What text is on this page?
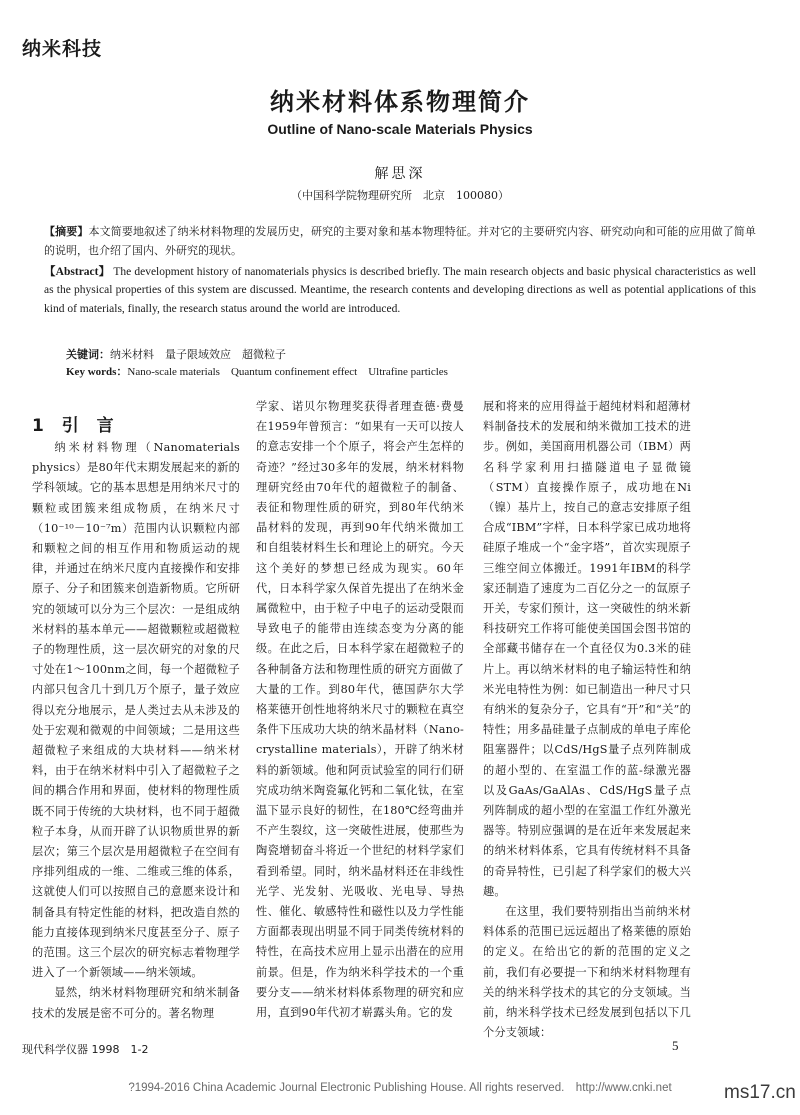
纳米科技
纳米材料体系物理简介
Outline of Nano-scale Materials Physics
解思深
（中国科学院物理研究所　北京　100080）
【摘要】本文简要地叙述了纳米材料物理的发展历史，研究的主要对象和基本物理特征。并对它的主要研究内容、研究动向和可能的应用做了简单的说明，也介绍了国内、外研究的现状。
【Abstract】 The development history of nanomaterials physics is described briefly. The main research objects and basic physical characteristics as well as the physical properties of this system are discussed. Meantime, the research contents and developing directions as well as potential applications of this kind of materials, finally, the research status around the world are introduced.
关键词：纳米材料　量子限域效应　超微粒子
Key words：Nano-scale materials　Quantum confinement effect　Ultrafine particles
1 引 言

纳米材料物理（Nanomaterials physics）是80年代末期发展起来的新的学科领域。它的基本思想是用纳米尺寸的颗粒或团簇来组成物质，在纳米尺寸（10⁻¹⁰－10⁻⁷m）范围内认识颗粒内部和颗粒之间的相互作用和物质运动的规律，并通过在纳米尺度内直接操作和安排原子、分子和团簇来创造新物质。它所研究的领域可以分为三个层次：一是组成纳米材料的基本单元——超微颗粒或超微粒子的物理性质，这一层次研究的对象的尺寸处在1～100nm之间，每一个超微粒子内部只包含几十到几万个原子，量子效应得以充分地展示，是人类过去从未涉及的处于宏观和微观的中间领域；二是用这些超微粒子来组成的大块材料——纳米材料，由于在纳米材料中引入了超微粒子之间的耦合作用和界面，使材料的物理性质既不同于传统的大块材料，也不同于超微粒子本身，从而开辟了认识物质世界的新层次；第三个层次是用超微粒子在空间有序排列组成的一维、二维或三维的体系，这就使人们可以按照自己的意愿来设计和制备具有特定性能的材料，把改造自然的能力直接体现到纳米尺度甚至分子、原子的范围。这三个层次的研究标志着物理学进入了一个新领域——纳米领域。

显然，纳米材料物理研究和纳米制备技术的发展是密不可分的。著名物理

学家、诺贝尔物理奖获得者理查德·费曼在1959年曾预言：“如果有一天可以按人的意志安排一个个原子，将会产生怎样的奇迹？”经过30多年的发展，纳米材料物理研究经由70年代的超微粒子的制备、表征和物理性质的研究，到80年代纳米晶材料的发现，再到90年代纳米微加工和自组装材料生长和理论上的研究。今天这个美好的梦想已经成为现实。60年代，日本科学家久保首先提出了在纳米金属微粒中，由于粒子中电子的运动受限而导致电子的能带由连续态变为分离的能级。在此之后，日本科学家在超微粒子的各种制备方法和物理性质的研究方面做了大量的工作。到80年代，德国萨尔大学格莱德开创性地将纳米尺寸的颗粒在真空条件下压成功大块的纳米晶材料（Nano-crystalline materials），开辟了纳米材料的新领域。他和阿贡试验室的同行们研究成功纳米陶瓷氟化钙和二氧化钛，在室温下显示良好的韧性，在180℃经弯曲并不产生裂纹，这一突破性进展，使那些为陶瓷增韧奋斗将近一个世纪的材料学家们看到希望。同时，纳米晶材料还在非线性光学、光发射、光吸收、光电导、导热性、催化、敏感特性和磁性以及力学性能方面都表现出明显不同于同类传统材料的特性，在高技术应用上显示出潜在的应用前景。但是，作为纳米科学技术的一个重要分支——纳米材料体系物理的研究和应用，直到90年代初才崭露头角。它的发

展和将来的应用得益于超纯材料和超薄材料制备技术的发展和纳米微加工技术的进步。例如，美国商用机器公司（IBM）两名科学家利用扫描隧道电子显微镜（STM）直接操作原子，成功地在Ni（镍）基片上，按自己的意志安排原子组合成“IBM”字样，日本科学家已成功地将硅原子堆成一个“金字塔”，首次实现原子三维空间立体搬迁。1991年IBM的科学家还制造了速度为二百亿分之一的氙原子开关，专家们预计，这一突破性的纳米新科技研究工作将可能使美国国会图书馆的全部藏书储存在一个直径仅为0.3米的硅片上。再以纳米材料的电子输运特性和纳米光电特性为例：如已制造出一种尺寸只有纳米的复杂分子，它具有“开”和“关”的特性；用多晶硅量子点制成的单电子库伦阻塞器件；以CdS/HgS量子点列阵制成的超小型的、在室温工作的蓝-绿激光器以及GaAs/GaAlAs、CdS/HgS量子点列阵制成的超小型的在室温工作红外激光器等。特别应强调的是在近年来发展起来的纳米材料体系，它具有传统材料不具备的奇异特性，已引起了科学家们的极大兴趣。

在这里，我们要特别指出当前纳米材料体系的范围已远远超出了格莱德的原始的定义。在给出它的新的范围的定义之前，我们有必要提一下和纳米材料物理有关的纳米科学技术的其它的分支领域。当前，纳米科学技术已经发展到包括以下几个分支领域：

现代科学仪器 1998　1-2	5
?1994-2016 China Academic Journal Electronic Publishing House. All rights reserved.　http://www.cnki.net	ms17.cn
